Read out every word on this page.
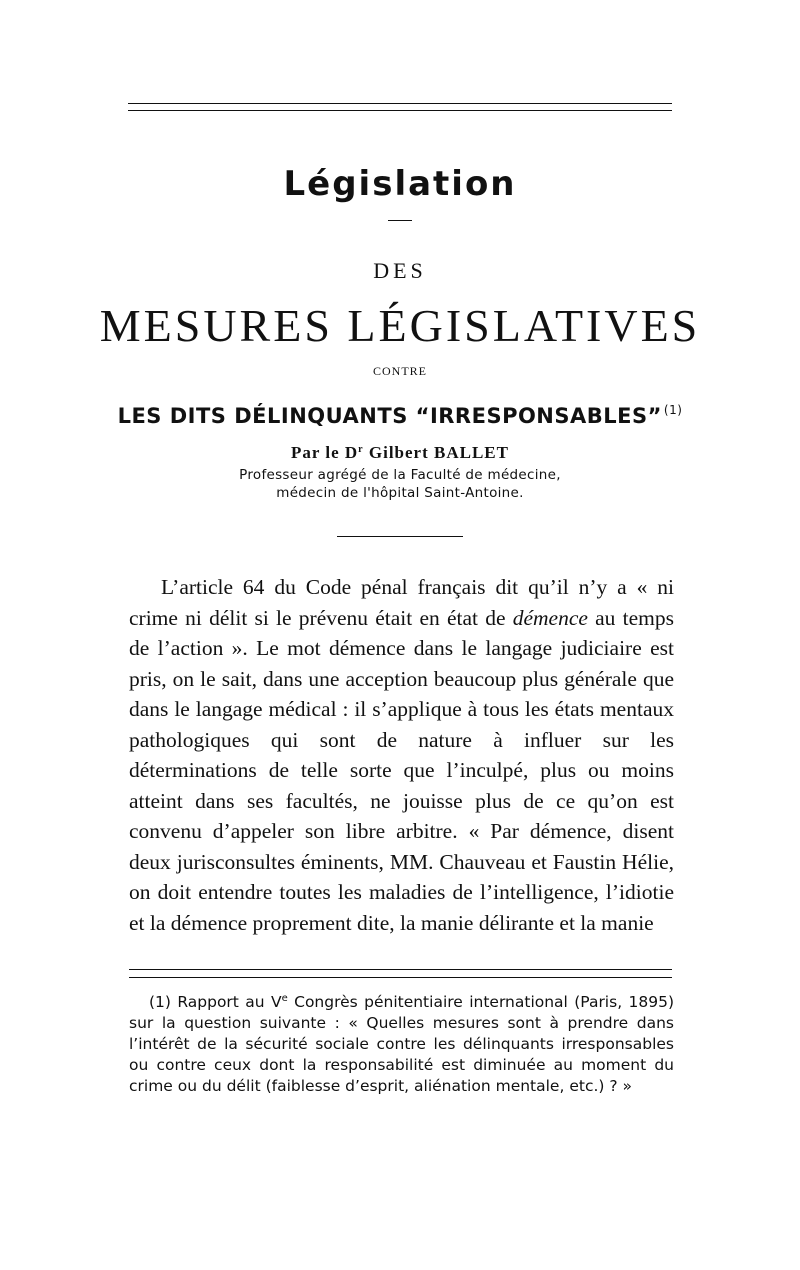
Législation
DES
MESURES LÉGISLATIVES
CONTRE
LES DITS DÉLINQUANTS “IRRESPONSABLES” $^{(1)}$
Par le $D^r$ Gilbert BALLET
Professeur agrégé de la Faculté de médecine,
médecin de l'hôpital Saint-Antoine.

L’article 64 du Code pénal français dit qu’il n’y a « ni crime ni délit si le prévenu était en état de démence au temps de l’action ». Le mot démence dans le langage judiciaire est pris, on le sait, dans une acception beaucoup plus générale que dans le langage médical : il s’applique à tous les états mentaux pathologiques qui sont de nature à influer sur les déterminations de telle sorte que l’inculpé, plus ou moins atteint dans ses facultés, ne jouisse plus de ce qu’on est convenu d’appeler son libre arbitre. « Par démence, disent deux jurisconsultes éminents, MM. Chauveau et Faustin Hélie, on doit entendre toutes les maladies de l’intelligence, l’idiotie et la démence proprement dite, la manie délirante et la manie

(1) Rapport au Ve Congrès pénitentiaire international (Paris, 1895) sur la question suivante : « Quelles mesures sont à prendre dans l’intérêt de la sécurité sociale contre les délinquants irresponsables ou contre ceux dont la responsabilité est diminuée au moment du crime ou du délit (faiblesse d’esprit, aliénation mentale, etc.) ? »
